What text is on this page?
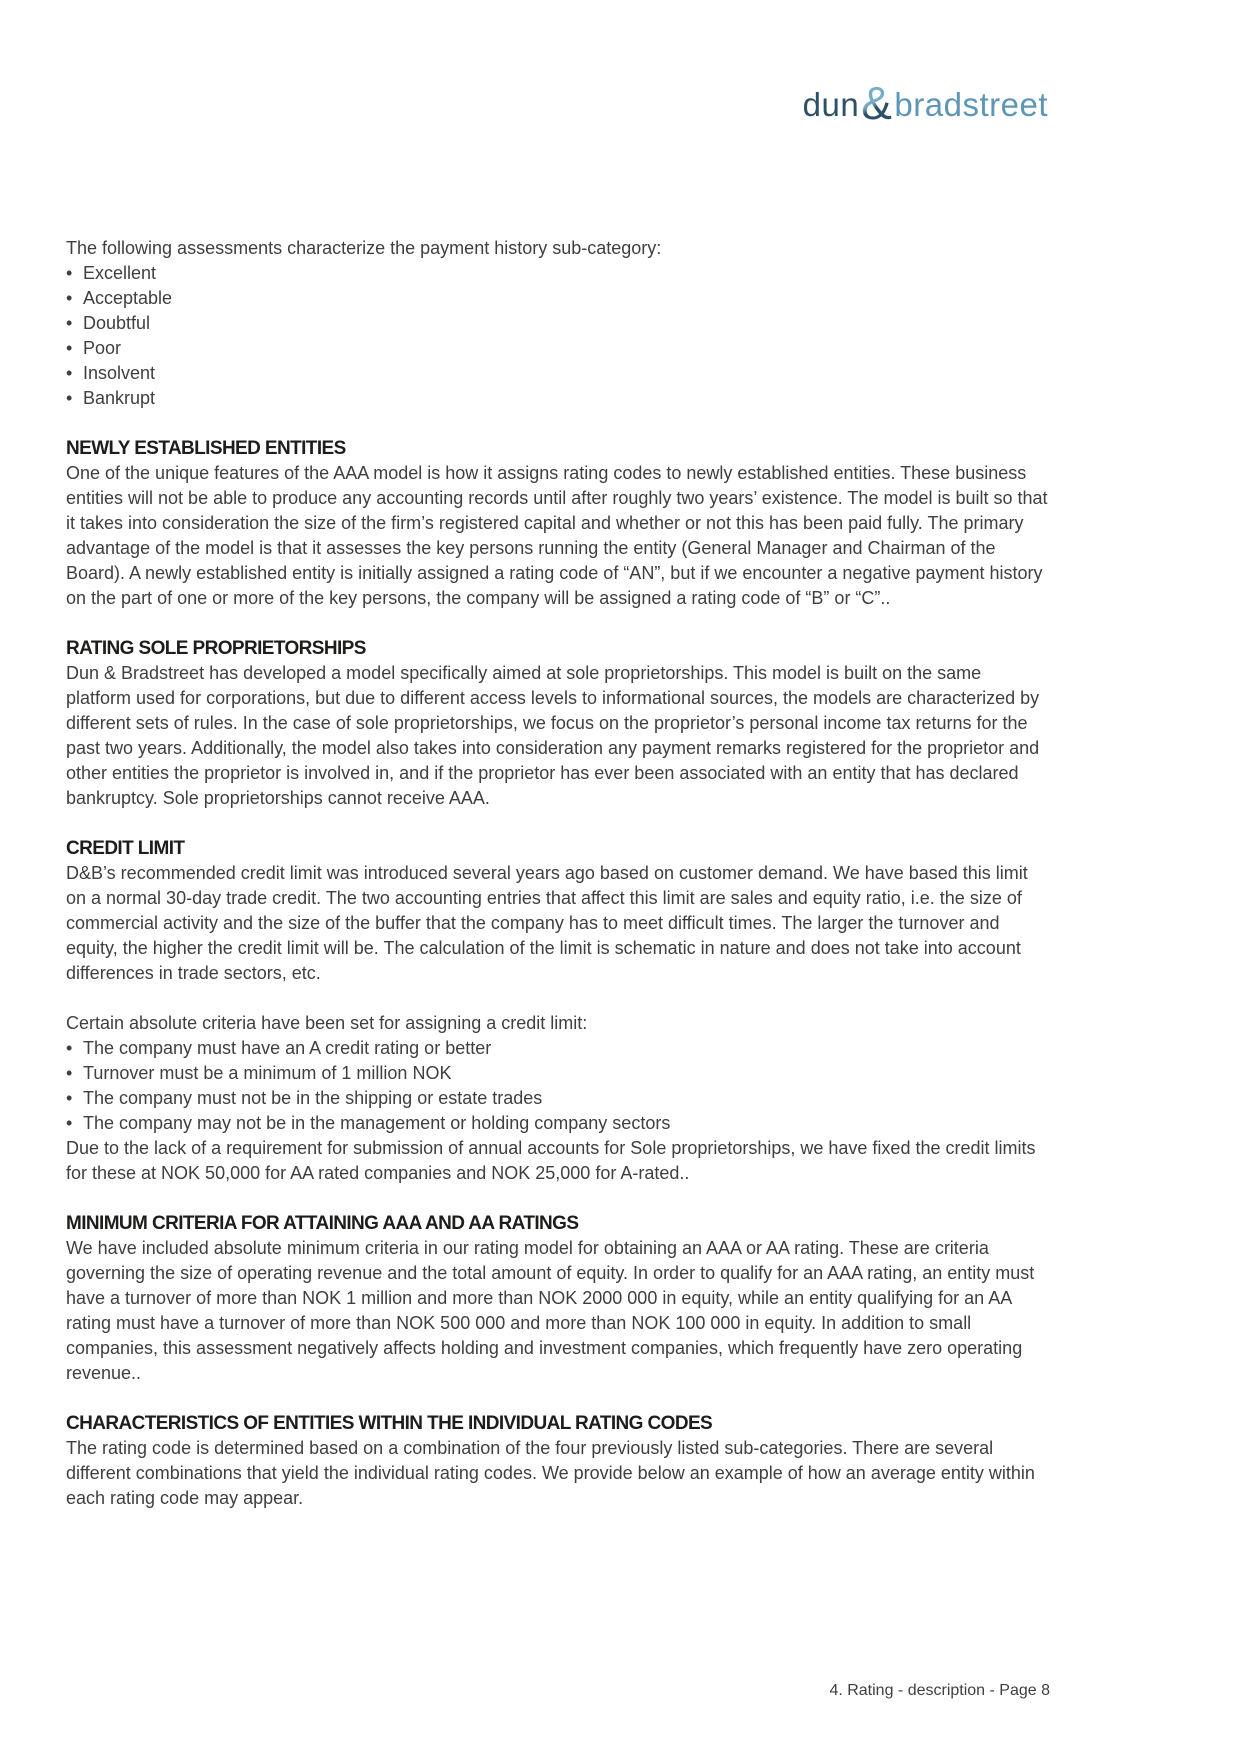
dun&bradstreet

The following assessments characterize the payment history sub-category:

• Excellent
• Acceptable
• Doubtful
• Poor
• Insolvent
• Bankrupt
NEWLY ESTABLISHED ENTITIES

One of the unique features of the AAA model is how it assigns rating codes to newly established entities. These business entities will not be able to produce any accounting records until after roughly two years’ existence. The model is built so that it takes into consideration the size of the firm’s registered capital and whether or not this has been paid fully. The primary advantage of the model is that it assesses the key persons running the entity (General Manager and Chairman of the Board). A newly established entity is initially assigned a rating code of “AN”, but if we encounter a negative payment history on the part of one or more of the key persons, the company will be assigned a rating code of “B” or “C”..

RATING SOLE PROPRIETORSHIPS

Dun & Bradstreet has developed a model specifically aimed at sole proprietorships. This model is built on the same platform used for corporations, but due to different access levels to informational sources, the models are characterized by different sets of rules. In the case of sole proprietorships, we focus on the proprietor’s personal income tax returns for the past two years. Additionally, the model also takes into consideration any payment remarks registered for the proprietor and other entities the proprietor is involved in, and if the proprietor has ever been associated with an entity that has declared bankruptcy. Sole proprietorships cannot receive AAA.

CREDIT LIMIT

D&B’s recommended credit limit was introduced several years ago based on customer demand. We have based this limit on a normal 30-day trade credit. The two accounting entries that affect this limit are sales and equity ratio, i.e. the size of commercial activity and the size of the buffer that the company has to meet difficult times. The larger the turnover and equity, the higher the credit limit will be. The calculation of the limit is schematic in nature and does not take into account differences in trade sectors, etc.

Certain absolute criteria have been set for assigning a credit limit:

• The company must have an A credit rating or better
• Turnover must be a minimum of 1 million NOK
• The company must not be in the shipping or estate trades
• The company may not be in the management or holding company sectors

Due to the lack of a requirement for submission of annual accounts for Sole proprietorships, we have fixed the credit limits for these at NOK 50,000 for AA rated companies and NOK 25,000 for A-rated..

MINIMUM CRITERIA FOR ATTAINING AAA AND AA RATINGS

We have included absolute minimum criteria in our rating model for obtaining an AAA or AA rating. These are criteria governing the size of operating revenue and the total amount of equity. In order to qualify for an AAA rating, an entity must have a turnover of more than NOK 1 million and more than NOK 2000 000 in equity, while an entity qualifying for an AA rating must have a turnover of more than NOK 500 000 and more than NOK 100 000 in equity. In addition to small companies, this assessment negatively affects holding and investment companies, which frequently have zero operating revenue..

CHARACTERISTICS OF ENTITIES WITHIN THE INDIVIDUAL RATING CODES

The rating code is determined based on a combination of the four previously listed sub-categories. There are several different combinations that yield the individual rating codes. We provide below an example of how an average entity within each rating code may appear.

4. Rating - description - Page 8
